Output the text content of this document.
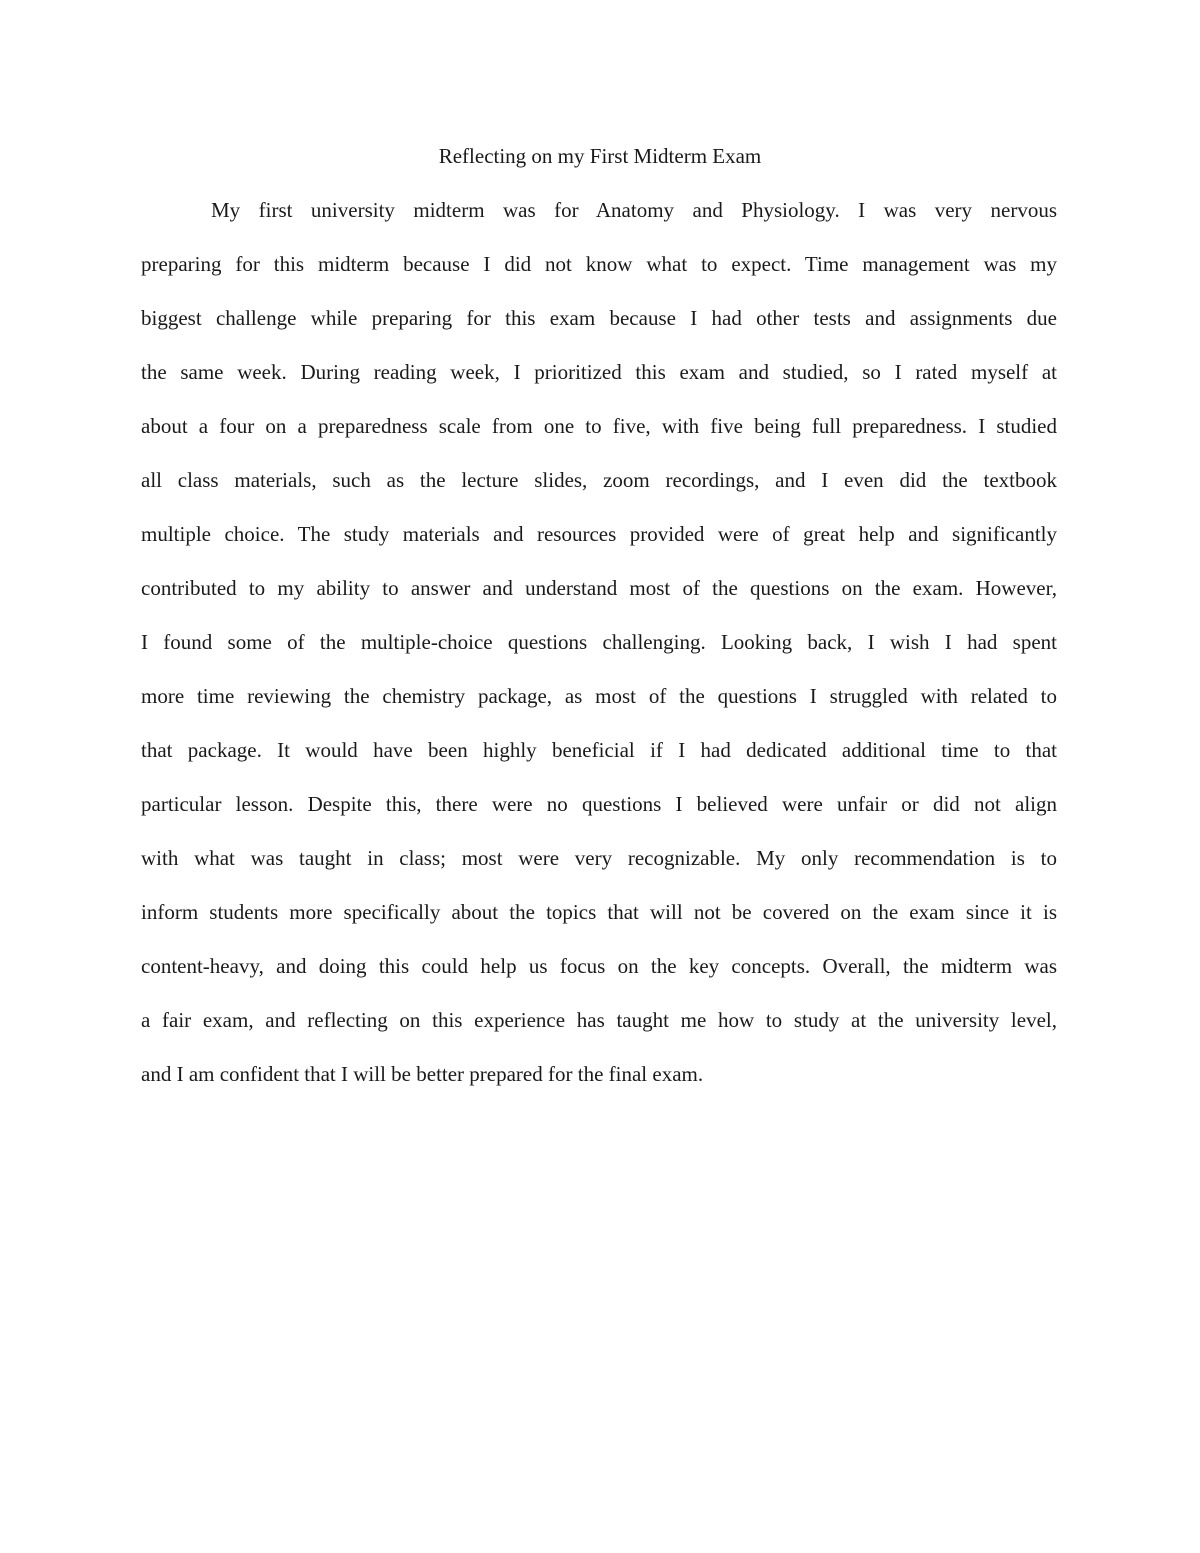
Reflecting on my First Midterm Exam
My first university midterm was for Anatomy and Physiology. I was very nervous
preparing for this midterm because I did not know what to expect. Time management was my
biggest challenge while preparing for this exam because I had other tests and assignments due
the same week. During reading week, I prioritized this exam and studied, so I rated myself at
about a four on a preparedness scale from one to five, with five being full preparedness. I studied
all class materials, such as the lecture slides, zoom recordings, and I even did the textbook
multiple choice. The study materials and resources provided were of great help and significantly
contributed to my ability to answer and understand most of the questions on the exam. However,
I found some of the multiple-choice questions challenging. Looking back, I wish I had spent
more time reviewing the chemistry package, as most of the questions I struggled with related to
that package. It would have been highly beneficial if I had dedicated additional time to that
particular lesson. Despite this, there were no questions I believed were unfair or did not align
with what was taught in class; most were very recognizable. My only recommendation is to
inform students more specifically about the topics that will not be covered on the exam since it is
content-heavy, and doing this could help us focus on the key concepts. Overall, the midterm was
a fair exam, and reflecting on this experience has taught me how to study at the university level,
and I am confident that I will be better prepared for the final exam.
